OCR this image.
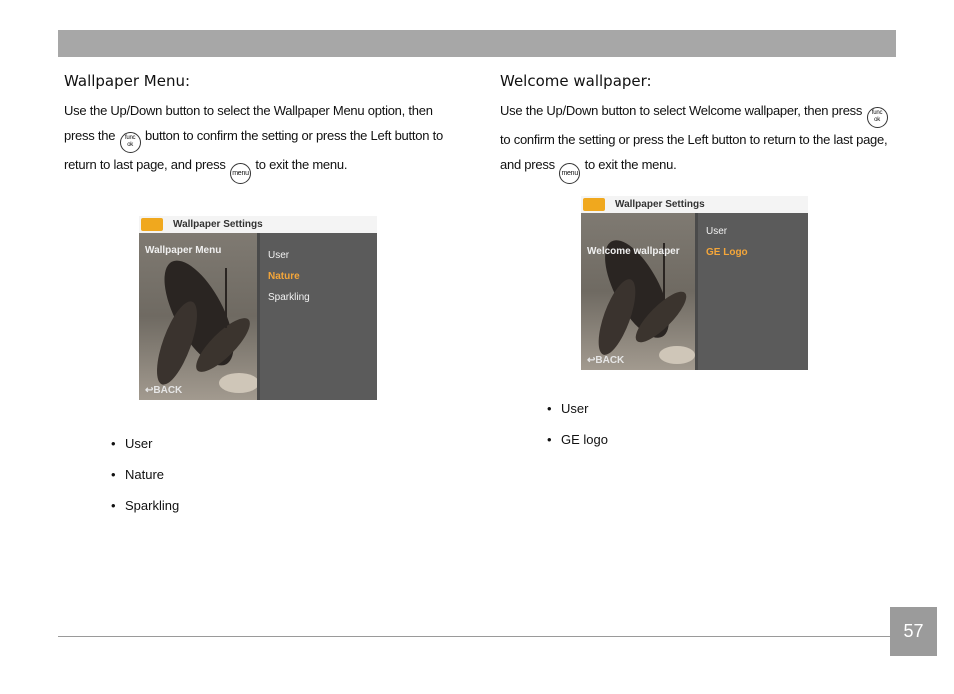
Wallpaper Menu:

Use the Up/Down button to select the Wallpaper Menu option, then press the func
ok button to confirm the setting or press the Left button to return to last page, and press menu to exit the menu.

Wallpaper Settings
Wallpaper Menu
↩BACK
User
Nature
Sparkling
• User
• Nature
• Sparkling
Welcome wallpaper:

Use the Up/Down button to select Welcome wallpaper, then press func
ok to confirm the setting or press the Left button to return to the last page, and press menu to exit the menu.

Wallpaper Settings
Welcome wallpaper
↩BACK
User
GE Logo
• User
• GE logo
57
